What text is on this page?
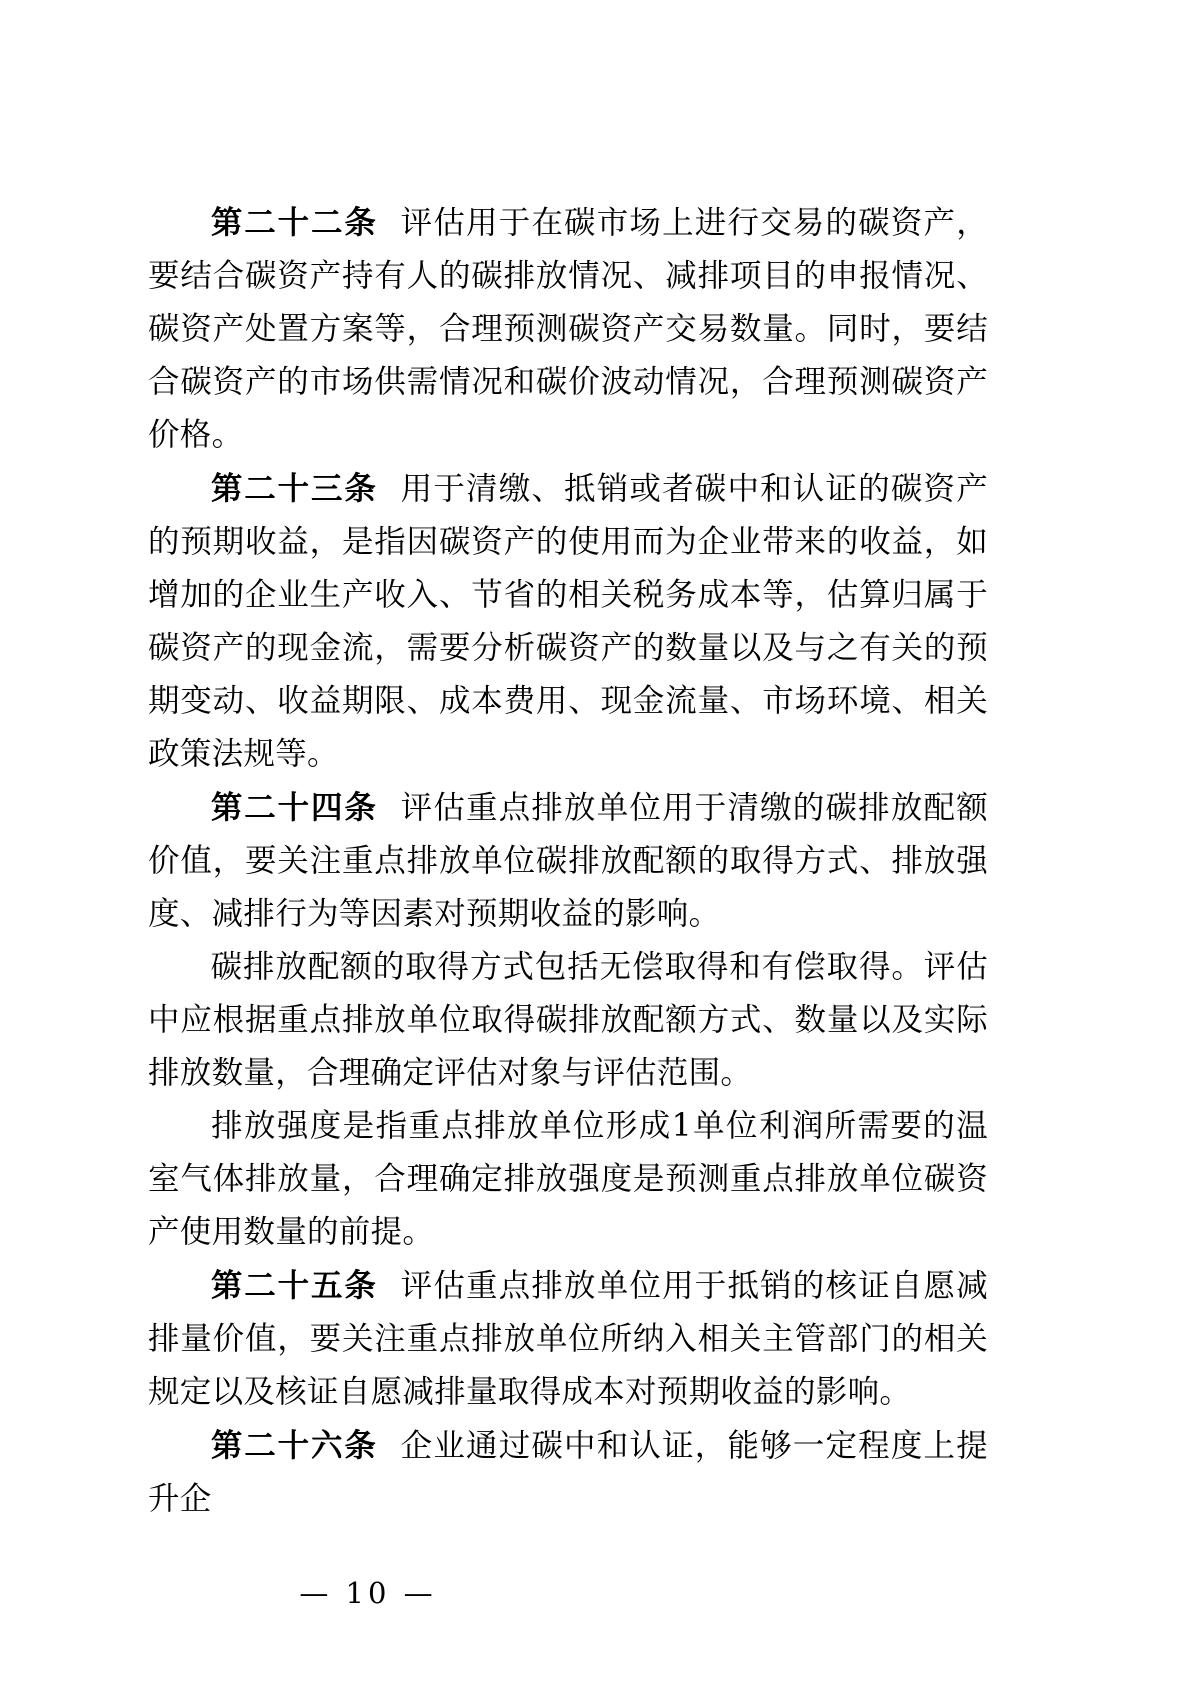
第二十二条 评估用于在碳市场上进行交易的碳资产，要结合碳资产持有人的碳排放情况、减排项目的申报情况、碳资产处置方案等，合理预测碳资产交易数量。同时，要结合碳资产的市场供需情况和碳价波动情况，合理预测碳资产价格。

第二十三条 用于清缴、抵销或者碳中和认证的碳资产的预期收益，是指因碳资产的使用而为企业带来的收益，如增加的企业生产收入、节省的相关税务成本等，估算归属于碳资产的现金流，需要分析碳资产的数量以及与之有关的预期变动、收益期限、成本费用、现金流量、市场环境、相关政策法规等。

第二十四条 评估重点排放单位用于清缴的碳排放配额价值，要关注重点排放单位碳排放配额的取得方式、排放强度、减排行为等因素对预期收益的影响。

碳排放配额的取得方式包括无偿取得和有偿取得。评估中应根据重点排放单位取得碳排放配额方式、数量以及实际排放数量，合理确定评估对象与评估范围。

排放强度是指重点排放单位形成1单位利润所需要的温室气体排放量，合理确定排放强度是预测重点排放单位碳资产使用数量的前提。

第二十五条 评估重点排放单位用于抵销的核证自愿减排量价值，要关注重点排放单位所纳入相关主管部门的相关规定以及核证自愿减排量取得成本对预期收益的影响。

第二十六条 企业通过碳中和认证，能够一定程度上提升企

— 10 —
